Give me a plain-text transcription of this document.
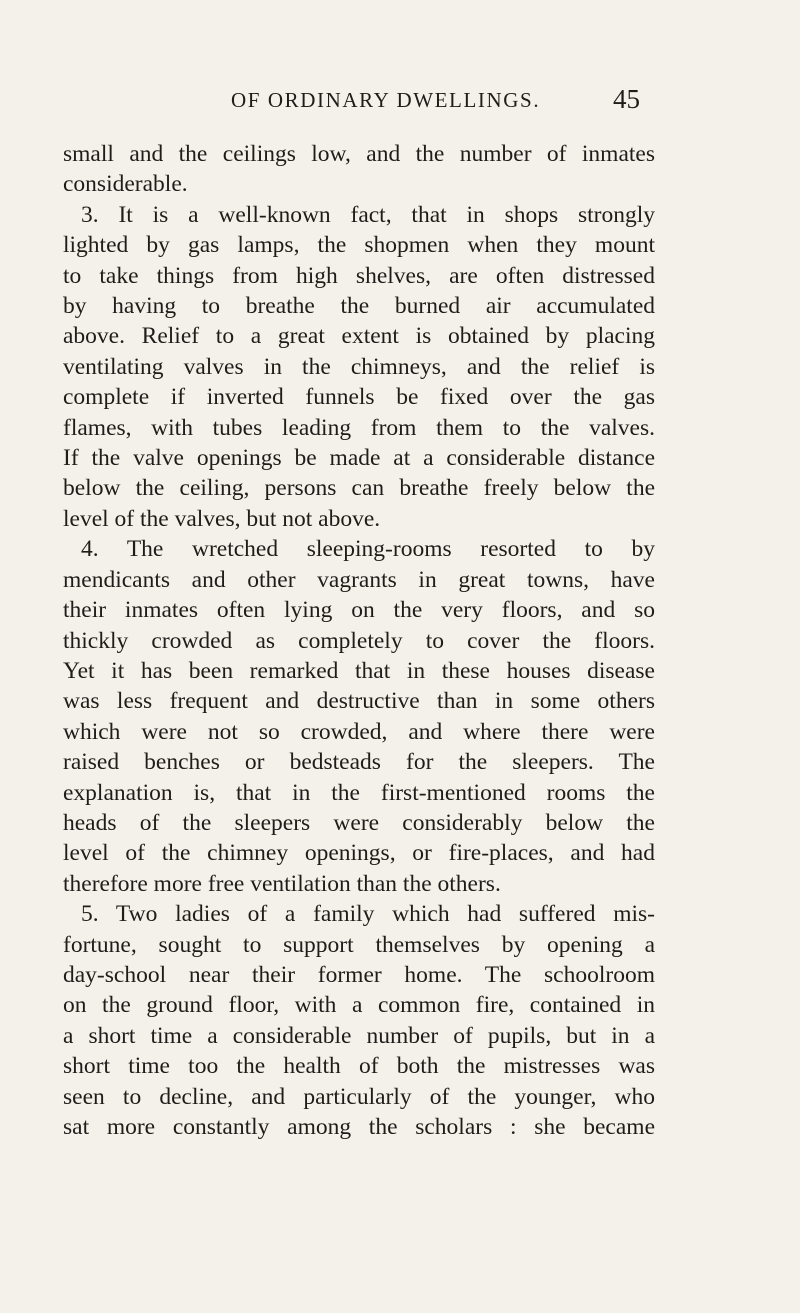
OF ORDINARY DWELLINGS.	45
small and the ceilings low, and the number of inmates
considerable.
3. It is a well-known fact, that in shops strongly
lighted by gas lamps, the shopmen when they mount
to take things from high shelves, are often distressed
by having to breathe the burned air accumulated
above. Relief to a great extent is obtained by placing
ventilating valves in the chimneys, and the relief is
complete if inverted funnels be fixed over the gas
flames, with tubes leading from them to the valves.
If the valve openings be made at a considerable distance
below the ceiling, persons can breathe freely below the
level of the valves, but not above.
4. The wretched sleeping-rooms resorted to by
mendicants and other vagrants in great towns, have
their inmates often lying on the very floors, and so
thickly crowded as completely to cover the floors.
Yet it has been remarked that in these houses disease
was less frequent and destructive than in some others
which were not so crowded, and where there were
raised benches or bedsteads for the sleepers. The
explanation is, that in the first-mentioned rooms the
heads of the sleepers were considerably below the
level of the chimney openings, or fire-places, and had
therefore more free ventilation than the others.
5. Two ladies of a family which had suffered mis-
fortune, sought to support themselves by opening a
day-school near their former home. The schoolroom
on the ground floor, with a common fire, contained in
a short time a considerable number of pupils, but in a
short time too the health of both the mistresses was
seen to decline, and particularly of the younger, who
sat more constantly among the scholars : she became
